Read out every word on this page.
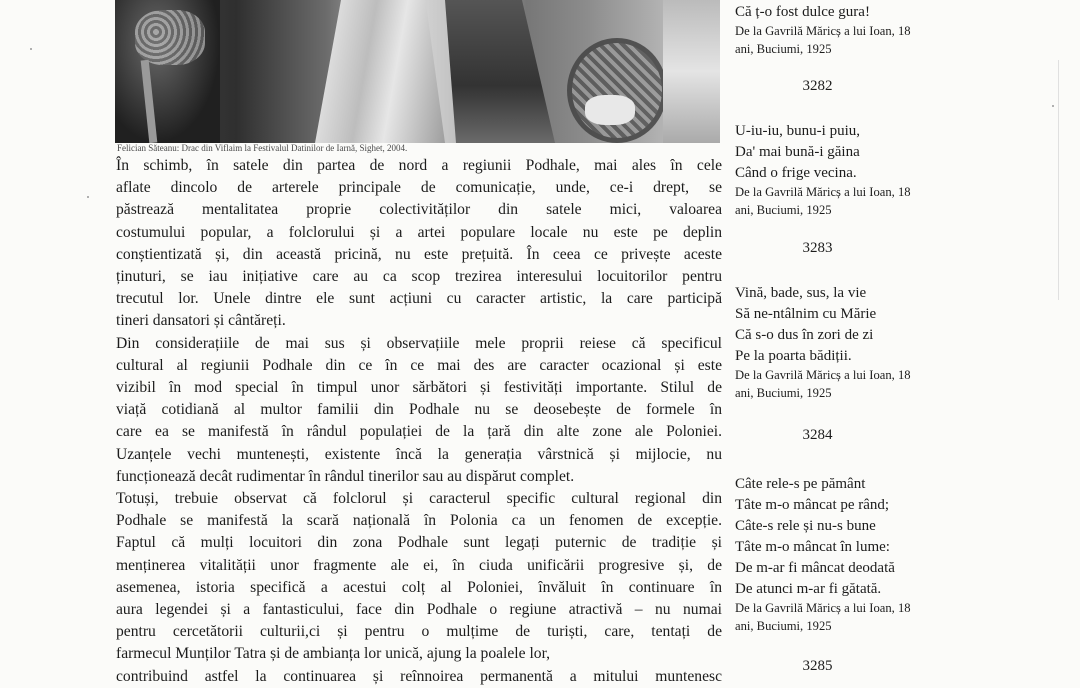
Felician Săteanu: Drac din Viflaim la Festivalul Datinilor de Iarnă, Sighet, 2004.
În schimb, în satele din partea de nord a regiunii Podhale, mai ales în cele
aflate dincolo de arterele principale de comunicație, unde, ce-i drept, se
păstrează mentalitatea proprie colectivităților din satele mici, valoarea
costumului popular, a folclorului și a artei populare locale nu este pe deplin
conștientizată și, din această pricină, nu este prețuită. În ceea ce privește aceste
ținuturi, se iau inițiative care au ca scop trezirea interesului locuitorilor pentru
trecutul lor. Unele dintre ele sunt acțiuni cu caracter artistic, la care participă
tineri dansatori și cântăreți.
Din considerațiile de mai sus și observațiile mele proprii reiese că specificul
cultural al regiunii Podhale din ce în ce mai des are caracter ocazional și este
vizibil în mod special în timpul unor sărbători și festivități importante. Stilul de
viață cotidiană al multor familii din Podhale nu se deosebește de formele în
care ea se manifestă în rândul populației de la țară din alte zone ale Poloniei.
Uzanțele vechi muntenești, existente încă la generația vârstnică și mijlocie, nu
funcționează decât rudimentar în rândul tinerilor sau au dispărut complet.
Totuși, trebuie observat că folclorul și caracterul specific cultural regional din
Podhale se manifestă la scară națională în Polonia ca un fenomen de excepție.
Faptul că mulți locuitori din zona Podhale sunt legați puternic de tradiție și
menținerea vitalității unor fragmente ale ei, în ciuda unificării progresive și, de
asemenea, istoria specifică a acestui colț al Poloniei, învăluit în continuare în
aura legendei și a fantasticului, face din Podhale o regiune atractivă – nu numai
pentru cercetătorii culturii,ci și pentru o mulțime de turiști, care, tentați de
farmecul Munților Tatra și de ambianța lor unică, ajung la poalele lor,
contribuind astfel la continuarea și reînnoirea permanentă a mitului muntenesc
Că ț-o fost dulce gura!
De la Gavrilă Măricș a lui Ioan, 18
ani, Buciumi, 1925
3282
U-iu-iu, bunu-i puiu,
Da' mai bună-i găina
Când o frige vecina.
De la Gavrilă Măricș a lui Ioan, 18
ani, Buciumi, 1925
3283
Vină, bade, sus, la vie
Să ne-ntâlnim cu Mărie
Că s-o dus în zori de zi
Pe la poarta bădiții.
De la Gavrilă Măricș a lui Ioan, 18
ani, Buciumi, 1925
3284
Câte rele-s pe pământ
Tâte m-o mâncat pe rând;
Câte-s rele și nu-s bune
Tâte m-o mâncat în lume:
De m-ar fi mâncat deodată
De atunci m-ar fi gătată.
De la Gavrilă Măricș a lui Ioan, 18
ani, Buciumi, 1925
3285
